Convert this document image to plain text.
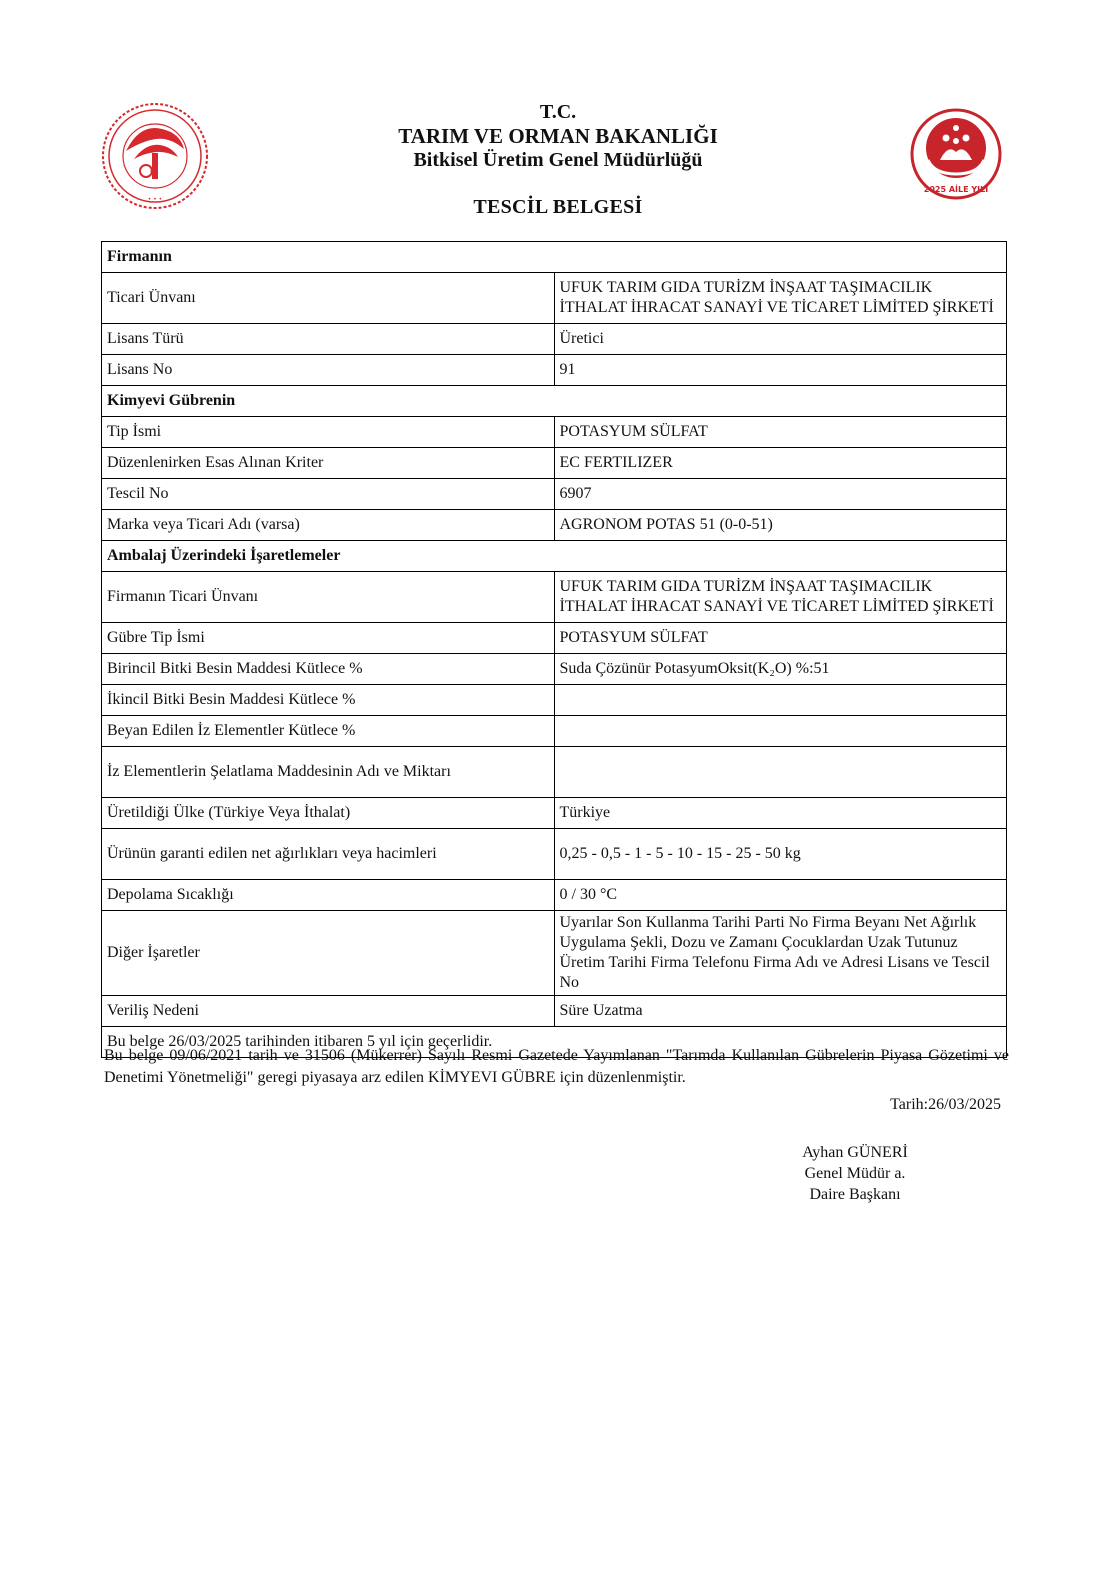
• • •
2025 AİLE YILI
T.C.
TARIM VE ORMAN BAKANLIĞI
Bitkisel Üretim Genel Müdürlüğü
TESCİL BELGESİ
Firmanın	
Ticari Ünvanı	UFUK TARIM GIDA TURİZM İNŞAAT TAŞIMACILIK İTHALAT İHRACAT SANAYİ VE TİCARET LİMİTED ŞİRKETİ
Lisans Türü	Üretici
Lisans No	91
Kimyevi Gübrenin	
Tip İsmi	POTASYUM SÜLFAT
Düzenlenirken Esas Alınan Kriter	EC FERTILIZER
Tescil No	6907
Marka veya Ticari Adı (varsa)	AGRONOM POTAS 51 (0-0-51)
Ambalaj Üzerindeki İşaretlemeler	
Firmanın Ticari Ünvanı	UFUK TARIM GIDA TURİZM İNŞAAT TAŞIMACILIK İTHALAT İHRACAT SANAYİ VE TİCARET LİMİTED ŞİRKETİ
Gübre Tip İsmi	POTASYUM SÜLFAT
Birincil Bitki Besin Maddesi Kütlece %	Suda Çözünür PotasyumOksit(K₂O) %:51
İkincil Bitki Besin Maddesi Kütlece %	
Beyan Edilen İz Elementler Kütlece %	
İz Elementlerin Şelatlama Maddesinin Adı ve Miktarı	
Üretildiği Ülke (Türkiye Veya İthalat)	Türkiye
Ürünün garanti edilen net ağırlıkları veya hacimleri	0,25 - 0,5 - 1 - 5 - 10 - 15 - 25 - 50 kg
Depolama Sıcaklığı	0 / 30 °C
Diğer İşaretler	Uyarılar Son Kullanma Tarihi Parti No Firma Beyanı Net Ağırlık Uygulama Şekli, Dozu ve Zamanı Çocuklardan Uzak Tutunuz Üretim Tarihi Firma Telefonu Firma Adı ve Adresi Lisans ve Tescil No
Veriliş Nedeni	Süre Uzatma
Bu belge 26/03/2025 tarihinden itibaren 5 yıl için geçerlidir.	
Bu belge 09/06/2021 tarih ve 31506 (Mükerrer) Sayılı Resmi Gazetede Yayımlanan "Tarımda Kullanılan Gübrelerin Piyasa Gözetimi ve Denetimi Yönetmeliği" geregi piyasaya arz edilen KİMYEVI GÜBRE için düzenlenmiştir.
Tarih:26/03/2025
Ayhan GÜNERİ
Genel Müdür a.
Daire Başkanı
